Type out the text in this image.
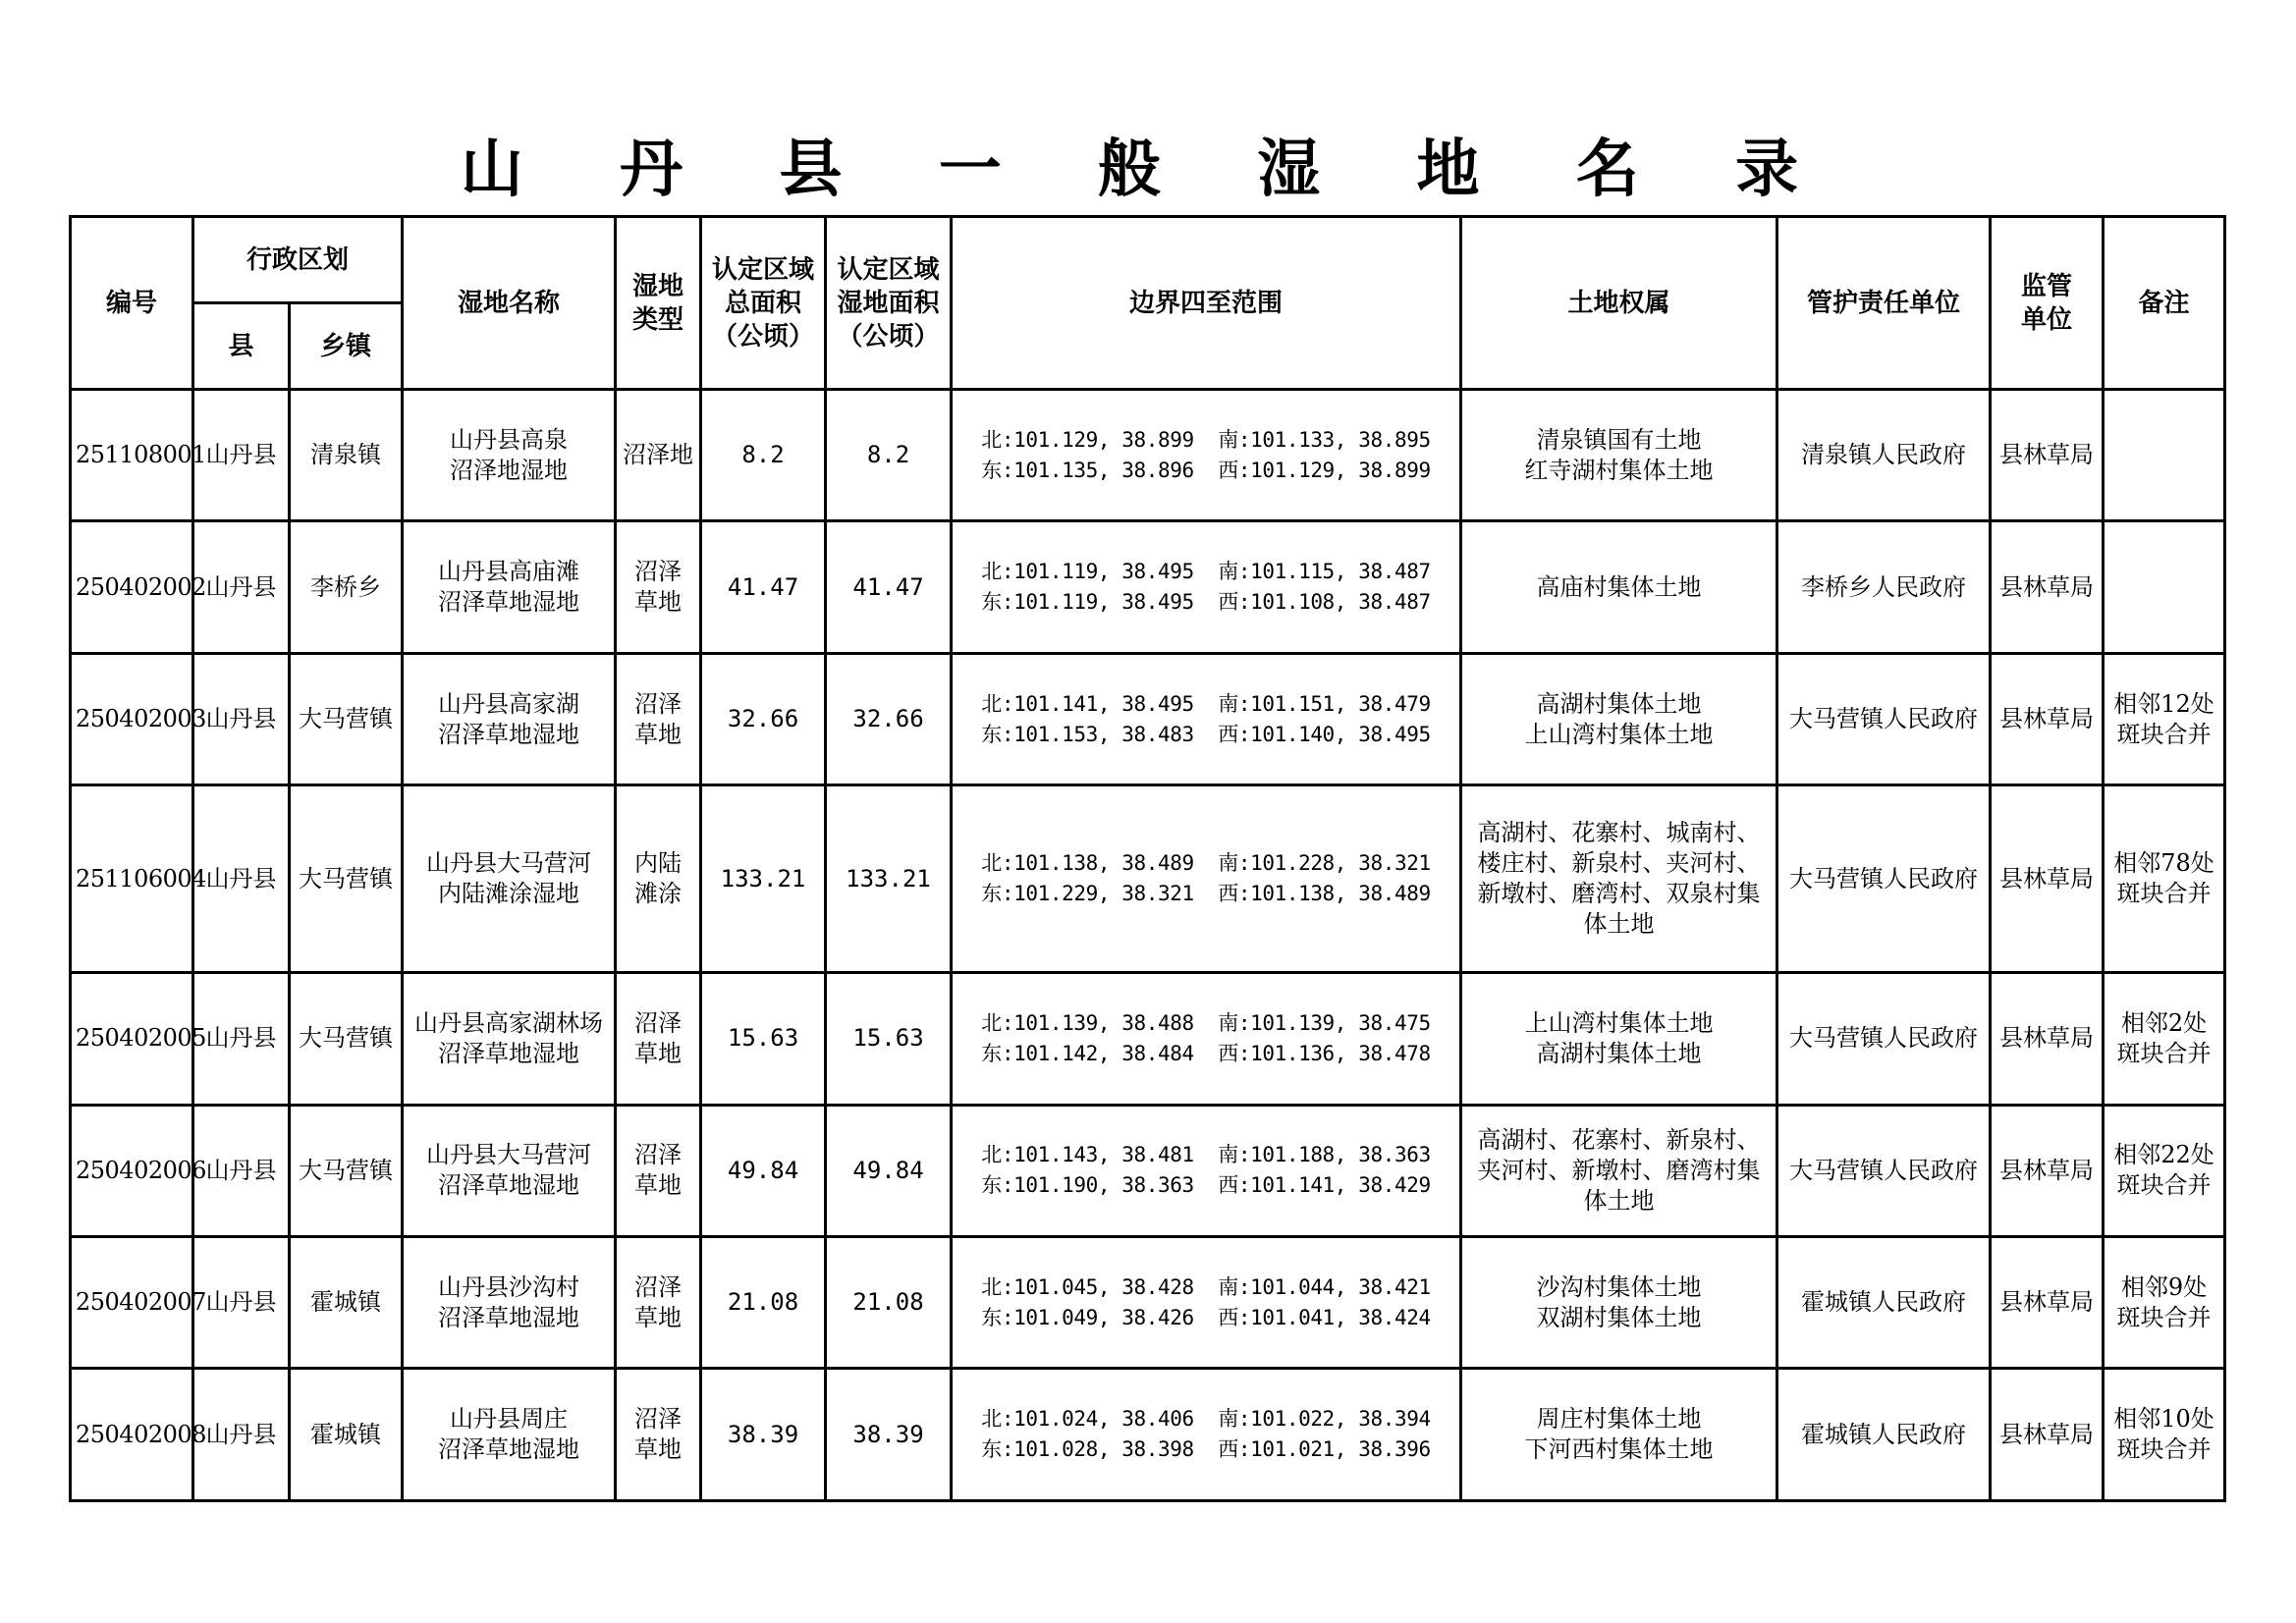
山 丹 县 一 般 湿 地 名 录
编号	行政区划		湿地名称	湿地
类型	认定区域
总面积
（公顷）	认定区域
湿地面积
（公顷）	边界四至范围	土地权属	管护责任单位	监管
单位	备注
	县	乡镇									
251108001	山丹县	清泉镇	山丹县高泉
沼泽地湿地	沼泽地	8.2	8.2	北:101.129, 38.899  南:101.133, 38.895
东:101.135, 38.896  西:101.129, 38.899	清泉镇国有土地
红寺湖村集体土地	清泉镇人民政府	县林草局	
250402002	山丹县	李桥乡	山丹县高庙滩
沼泽草地湿地	沼泽
草地	41.47	41.47	北:101.119, 38.495  南:101.115, 38.487
东:101.119, 38.495  西:101.108, 38.487	高庙村集体土地	李桥乡人民政府	县林草局	
250402003	山丹县	大马营镇	山丹县高家湖
沼泽草地湿地	沼泽
草地	32.66	32.66	北:101.141, 38.495  南:101.151, 38.479
东:101.153, 38.483  西:101.140, 38.495	高湖村集体土地
上山湾村集体土地	大马营镇人民政府	县林草局	相邻12处
斑块合并

251106004	山丹县	大马营镇	山丹县大马营河
内陆滩涂湿地	内陆
滩涂	133.21	133.21	北:101.138, 38.489  南:101.228, 38.321
东:101.229, 38.321  西:101.138, 38.489	高湖村、花寨村、城南村、
楼庄村、新泉村、夹河村、
新墩村、磨湾村、双泉村集
体土地	大马营镇人民政府	县林草局	相邻78处
斑块合并

250402005	山丹县	大马营镇	山丹县高家湖林场
沼泽草地湿地	沼泽
草地	15.63	15.63	北:101.139, 38.488  南:101.139, 38.475
东:101.142, 38.484  西:101.136, 38.478	上山湾村集体土地
高湖村集体土地	大马营镇人民政府	县林草局	相邻2处
斑块合并

250402006	山丹县	大马营镇	山丹县大马营河
沼泽草地湿地	沼泽
草地	49.84	49.84	北:101.143, 38.481  南:101.188, 38.363
东:101.190, 38.363  西:101.141, 38.429	高湖村、花寨村、新泉村、
夹河村、新墩村、磨湾村集
体土地	大马营镇人民政府	县林草局	相邻22处
斑块合并

250402007	山丹县	霍城镇	山丹县沙沟村
沼泽草地湿地	沼泽
草地	21.08	21.08	北:101.045, 38.428  南:101.044, 38.421
东:101.049, 38.426  西:101.041, 38.424	沙沟村集体土地
双湖村集体土地	霍城镇人民政府	县林草局	相邻9处
斑块合并

250402008	山丹县	霍城镇	山丹县周庄
沼泽草地湿地	沼泽
草地	38.39	38.39	北:101.024, 38.406  南:101.022, 38.394
东:101.028, 38.398  西:101.021, 38.396	周庄村集体土地
下河西村集体土地	霍城镇人民政府	县林草局	相邻10处
斑块合并
